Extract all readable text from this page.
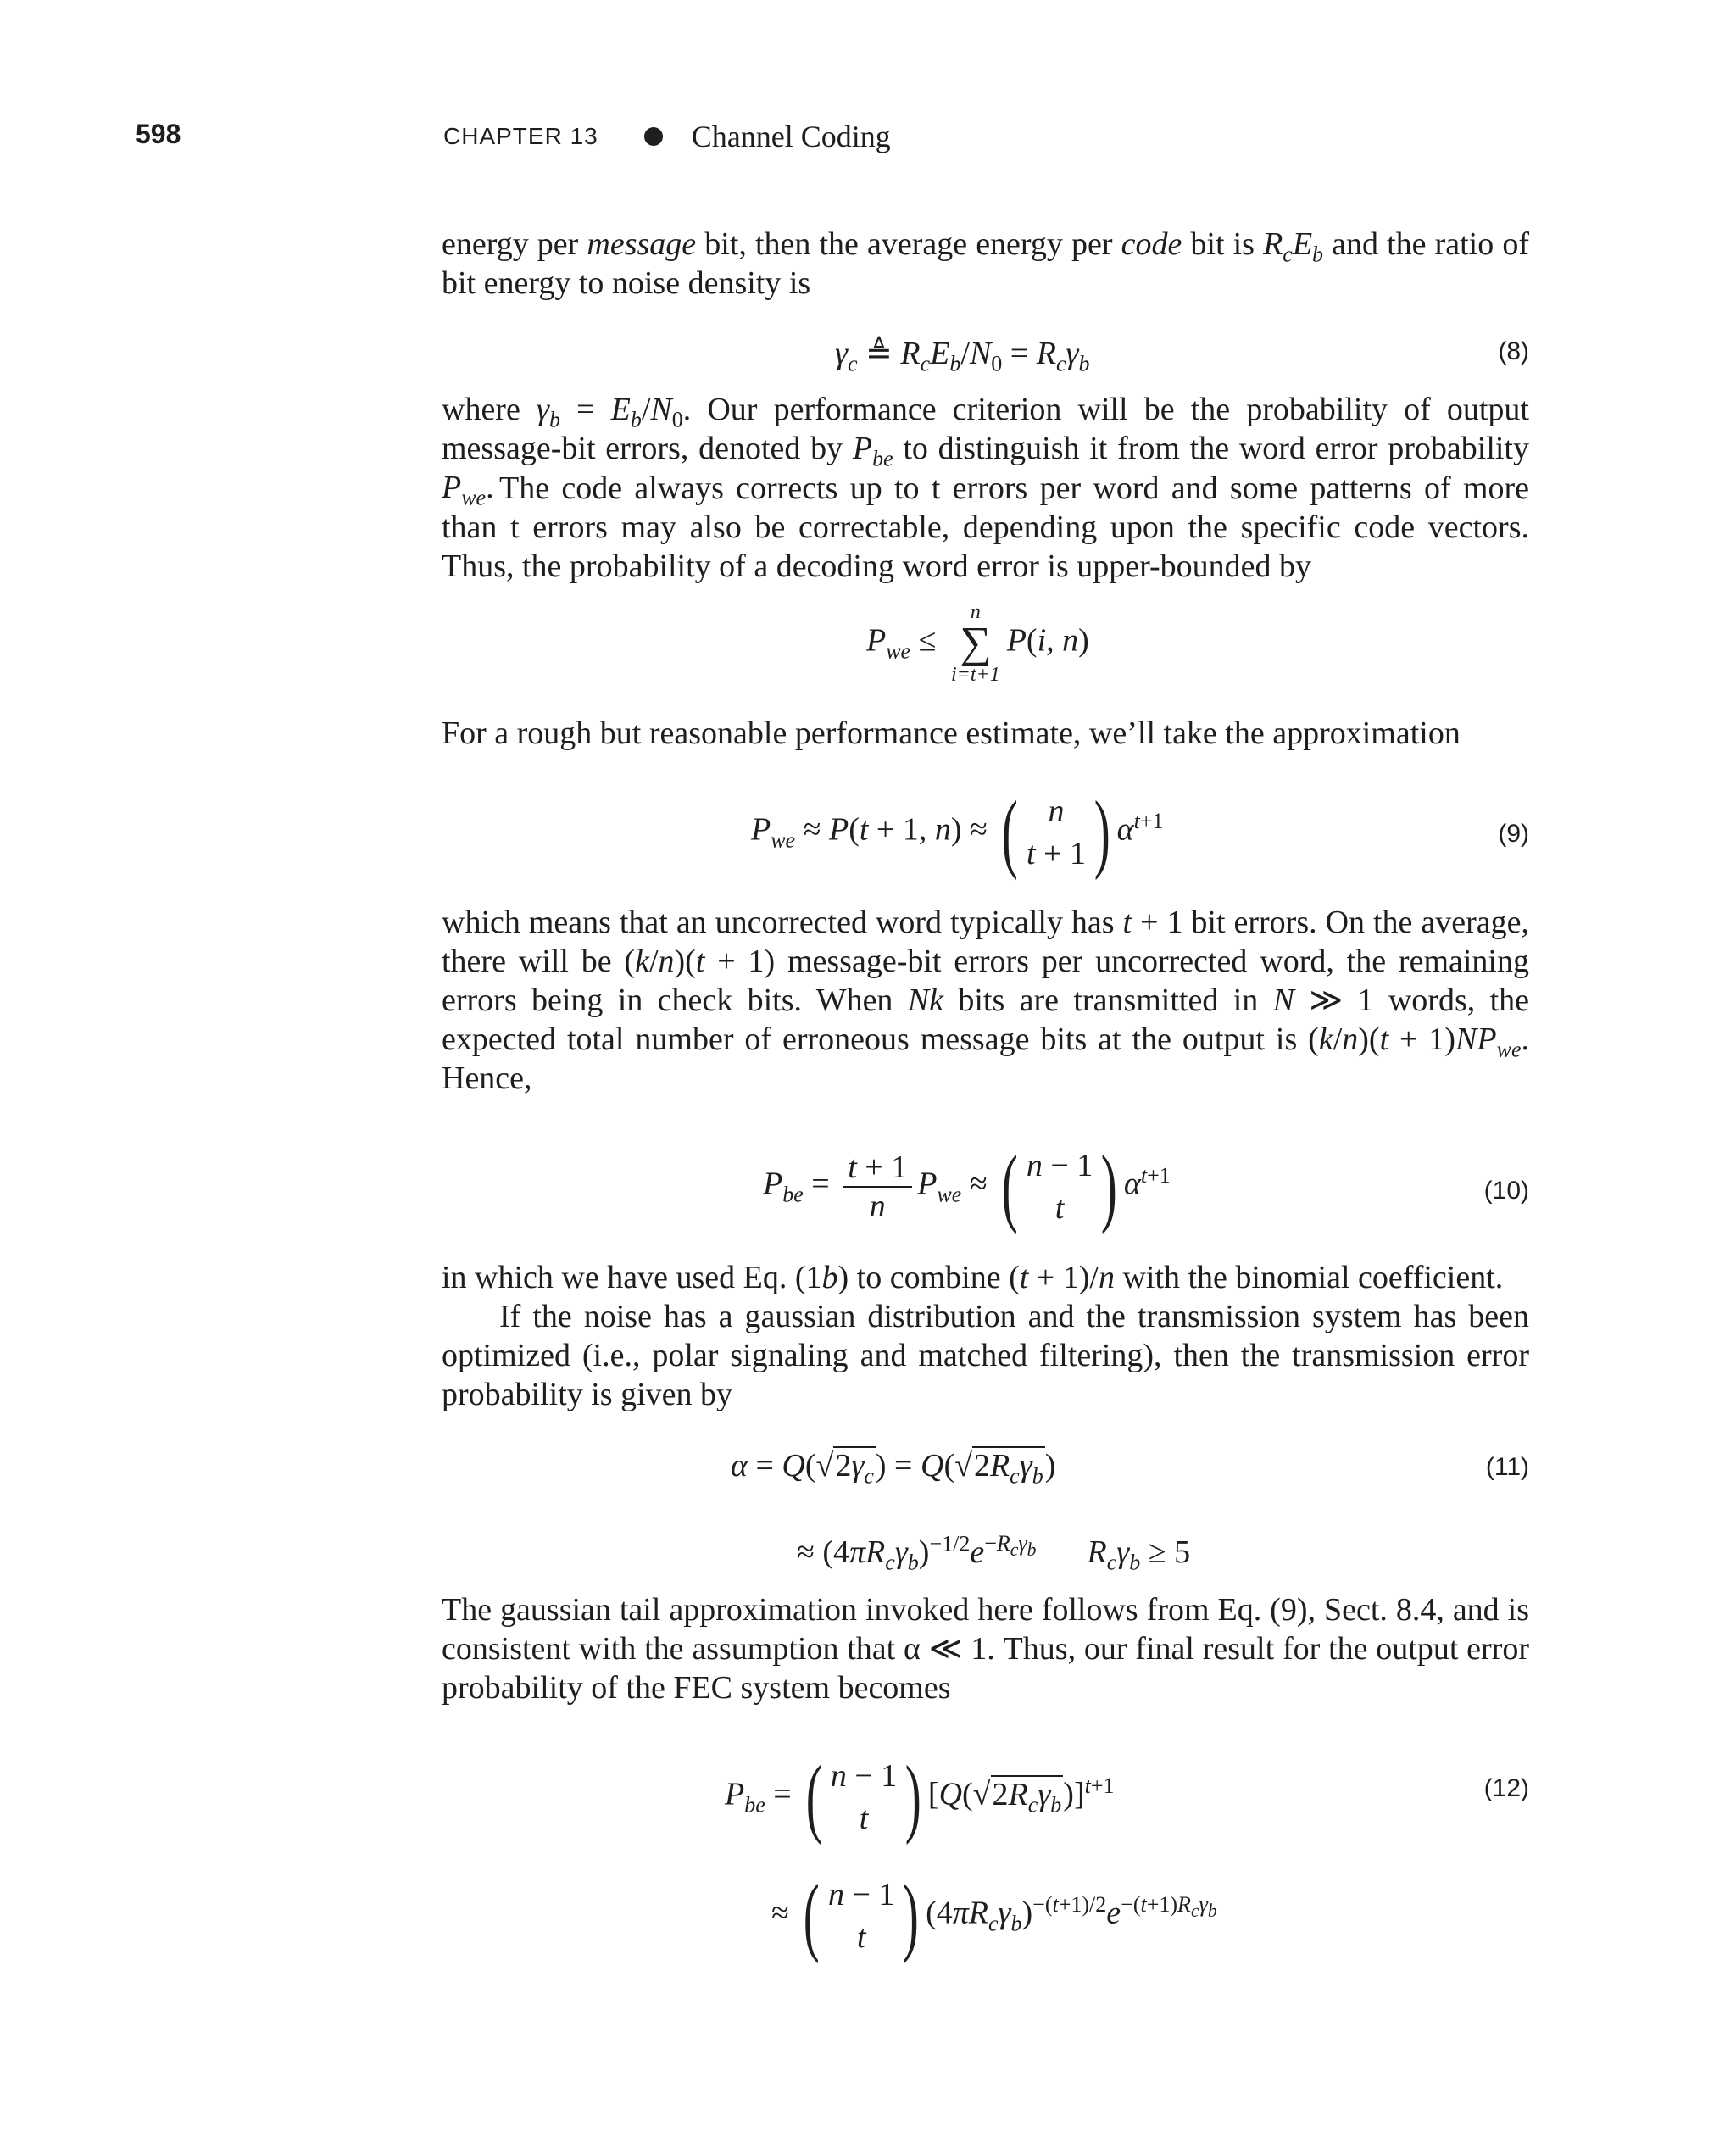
598	CHAPTER 13	Channel Coding

energy per message bit, then the average energy per code bit is $R_cE_b$ and the ratio of bit energy to noise density is

$\gamma_c$ ≜ $R_cE_b/N_0 = R_c\gamma_b$	(8)

where $\gamma_b = E_b/N_0$. Our performance criterion will be the probability of output message-bit errors, denoted by $P_{be}$ to distinguish it from the word error probability $P_{we}$. The code always corrects up to t errors per word and some patterns of more than t errors may also be correctable, depending upon the specific code vectors. Thus, the probability of a decoding word error is upper-bounded by

$P_{we}$ ≤
n
∑
i=t+1
P(i, n)

For a rough but reasonable performance estimate, we’ll take the approximation

$P_{we} \approx P(t + 1$, n) ≈ ( n
t + 1 ) $\alpha^{t+1}$	(9)

which means that an uncorrected word typically has t + 1 bit errors. On the average, there will be (k/n)(t + 1) message-bit errors per uncorrected word, the remaining errors being in check bits. When Nk bits are transmitted in N ≫ 1 words, the expected total number of erroneous message bits at the output is $(k/n)(t + 1)NP_{we}$. Hence,

$P_{be} = \frac{t + 1}{n} P_{we}$ ≈ ( n − 1
t ) $\alpha^{t+1}$
(10)

in which we have used Eq. (1b) to combine (t + 1)/n with the binomial coefficient.

If the noise has a gaussian distribution and the transmission system has been optimized (i.e., polar signaling and matched filtering), then the transmission error probability is given by

$\alpha = Q(√2\gamma_c) = Q(√2R_c\gamma_b)$	(11)
≈ $(4\pi R_c\gamma_b)^{-1/2}e^{-R_c\gamma_b}$ $R_c\gamma_b \ge 5$

The gaussian tail approximation invoked here follows from Eq. (9), Sect. 8.4, and is consistent with the assumption that α ≪ 1. Thus, our final result for the output error probability of the FEC system becomes

$P_{be}$ = ( n − 1
t ) $[Q(√2R_c\gamma_b)]^{t+1}$	(12)
≈ ( n − 1
t ) $(4\pi R_c\gamma_b)^{-(t+1)/2}e^{-(t+1)R_c\gamma_b}$
